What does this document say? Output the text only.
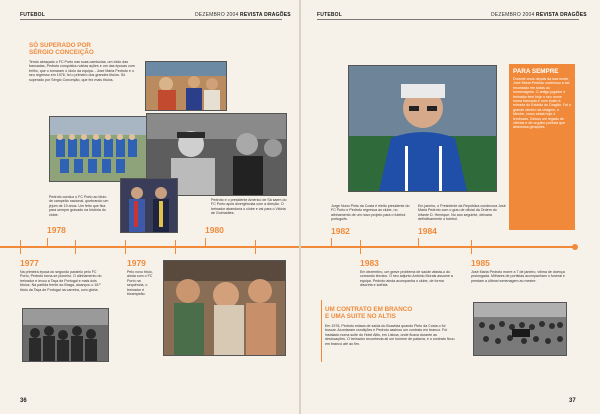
FUTEBOL	DEZEMBRO 2004 REVISTA DRAGÕES
SÓ SUPERADO POR
SÉRGIO CONCEIÇÃO
Tendo abraçado o FC Porto nas suas camisolas, um ídolo das bancadas, Pedroto conquistou várias ações e um das épocas com brilho, que o tornaram o ídolo da equipa... José Maria Pedroto e o seu regresso em 1976, foi o primeiro dos grandes títulos. Só superado por Sérgio Conceição, que fez mais títulos.
Pedroto conduz o FC Porto ao título de campeão nacional, quebrando um jejum de 19 anos. Um feito que fica para sempre gravado na história do clube.
Pedroto e o presidente Américo de Sá saem do FC Porto após divergências com a direção. O treinador abandona o clube e vai para o Vitória de Guimarães.
1978	1980
1977	1979
Na primeira época do segundo paralelo pelo FC Porto, Pedroto torna-se pioneiro. O alinhamento do treinador e levou a Taça de Portugal e mais dois títulos. Na partida frente ao Braga, alcançou o 18.º título da Taça de Portugal na carreira, com glória.
Pelo novo título, ainda com o FC Porto na sequência, o treinador é bicampeão.
36
FUTEBOL	DEZEMBRO 2004 REVISTA DRAGÕES
PARA SEMPRE
Durante anos depois da sua morte, José Maria Pedroto continuou a ser recordado em todas as homenagens. O antigo jogador e treinador tem hoje o seu nome numa bancada e num busto à entrada do Estádio do Dragão. Foi o grande obreiro da viragem, o Mestre, como ainda hoje é lembrado. Deixou um legado de vitórias e de orgulho portista que atravessa gerações.
Jorge Nuno Pinto da Costa é eleito presidente do FC Porto e Pedroto regressa ao clube, no alinhamento de um novo projeto para o futebol português.
Em janeiro, o Presidente da República condecora José Maria Pedroto com o grau de oficial da Ordem do Infante D. Henrique. No ano seguinte, deixaria definitivamente o futebol.
1982	1984
1983	1985
Em dezembro, um grave problema de saúde afasta-o do comando técnico. O seu adjunto António Morais assume a equipa. Pedroto ainda acompanha o clube, de forma discreta e sofrida.
José Maria Pedroto morre a 7 de janeiro, vítima de doença prolongada. Milhares de portistas acompanham o funeral e prestam a última homenagem ao mestre.
UM CONTRATO EM BRANCO
E UMA SUITE NO ALTIS
Em 1976, Pedroto estava de saída do Boavista quando Pinto da Costa o foi buscar. Acordaram condições e Pedroto assinou um contrato em branco. Foi instalado numa suite do Hotel Altis, em Lisboa, onde ficava durante as deslocações. O treinador reconhecia ali um homem de palavra, e o contrato ficou em branco até ao fim.
37
